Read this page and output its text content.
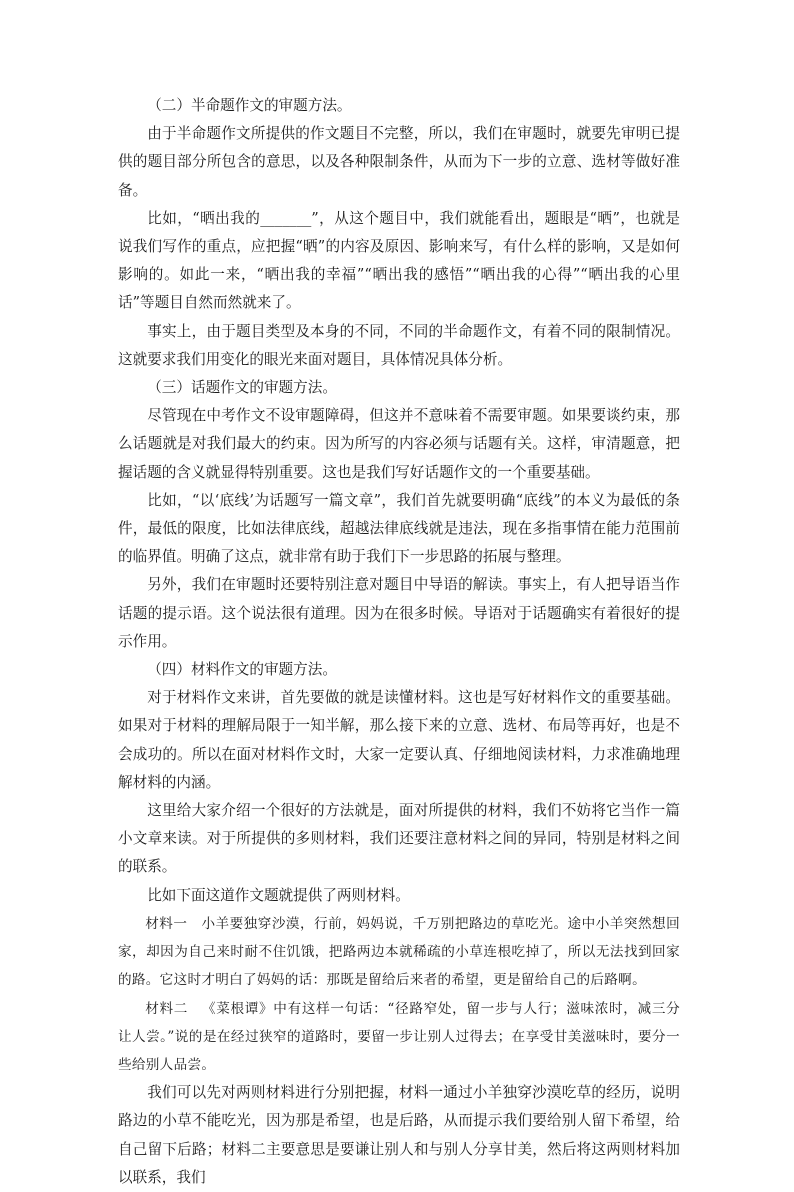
（二）半命题作文的审题方法。

由于半命题作文所提供的作文题目不完整，所以，我们在审题时，就要先审明已提供的题目部分所包含的意思，以及各种限制条件，从而为下一步的立意、选材等做好准备。

比如，“晒出我的_______”，从这个题目中，我们就能看出，题眼是“晒”，也就是说我们写作的重点，应把握“晒”的内容及原因、影响来写，有什么样的影响，又是如何影响的。如此一来，“晒出我的幸福”“晒出我的感悟”“晒出我的心得”“晒出我的心里话”等题目自然而然就来了。

事实上，由于题目类型及本身的不同，不同的半命题作文，有着不同的限制情况。这就要求我们用变化的眼光来面对题目，具体情况具体分析。

（三）话题作文的审题方法。

尽管现在中考作文不设审题障碍，但这并不意味着不需要审题。如果要谈约束，那么话题就是对我们最大的约束。因为所写的内容必须与话题有关。这样，审清题意，把握话题的含义就显得特别重要。这也是我们写好话题作文的一个重要基础。

比如，“以‘底线’为话题写一篇文章”，我们首先就要明确“底线”的本义为最低的条件，最低的限度，比如法律底线，超越法律底线就是违法，现在多指事情在能力范围前的临界值。明确了这点，就非常有助于我们下一步思路的拓展与整理。

另外，我们在审题时还要特别注意对题目中导语的解读。事实上，有人把导语当作话题的提示语。这个说法很有道理。因为在很多时候。导语对于话题确实有着很好的提示作用。

（四）材料作文的审题方法。

对于材料作文来讲，首先要做的就是读懂材料。这也是写好材料作文的重要基础。如果对于材料的理解局限于一知半解，那么接下来的立意、选材、布局等再好，也是不会成功的。所以在面对材料作文时，大家一定要认真、仔细地阅读材料，力求准确地理解材料的内涵。

这里给大家介绍一个很好的方法就是，面对所提供的材料，我们不妨将它当作一篇小文章来读。对于所提供的多则材料，我们还要注意材料之间的异同，特别是材料之间的联系。

比如下面这道作文题就提供了两则材料。

材料一 小羊要独穿沙漠，行前，妈妈说，千万别把路边的草吃光。途中小羊突然想回家，却因为自己来时耐不住饥饿，把路两边本就稀疏的小草连根吃掉了，所以无法找到回家的路。它这时才明白了妈妈的话：那既是留给后来者的希望，更是留给自己的后路啊。

材料二 《菜根谭》中有这样一句话：“径路窄处，留一步与人行；滋味浓时，减三分让人尝。”说的是在经过狭窄的道路时，要留一步让别人过得去；在享受甘美滋味时，要分一些给别人品尝。

我们可以先对两则材料进行分别把握，材料一通过小羊独穿沙漠吃草的经历，说明路边的小草不能吃光，因为那是希望，也是后路，从而提示我们要给别人留下希望，给自己留下后路；材料二主要意思是要谦让别人和与别人分享甘美，然后将这两则材料加以联系，我们
